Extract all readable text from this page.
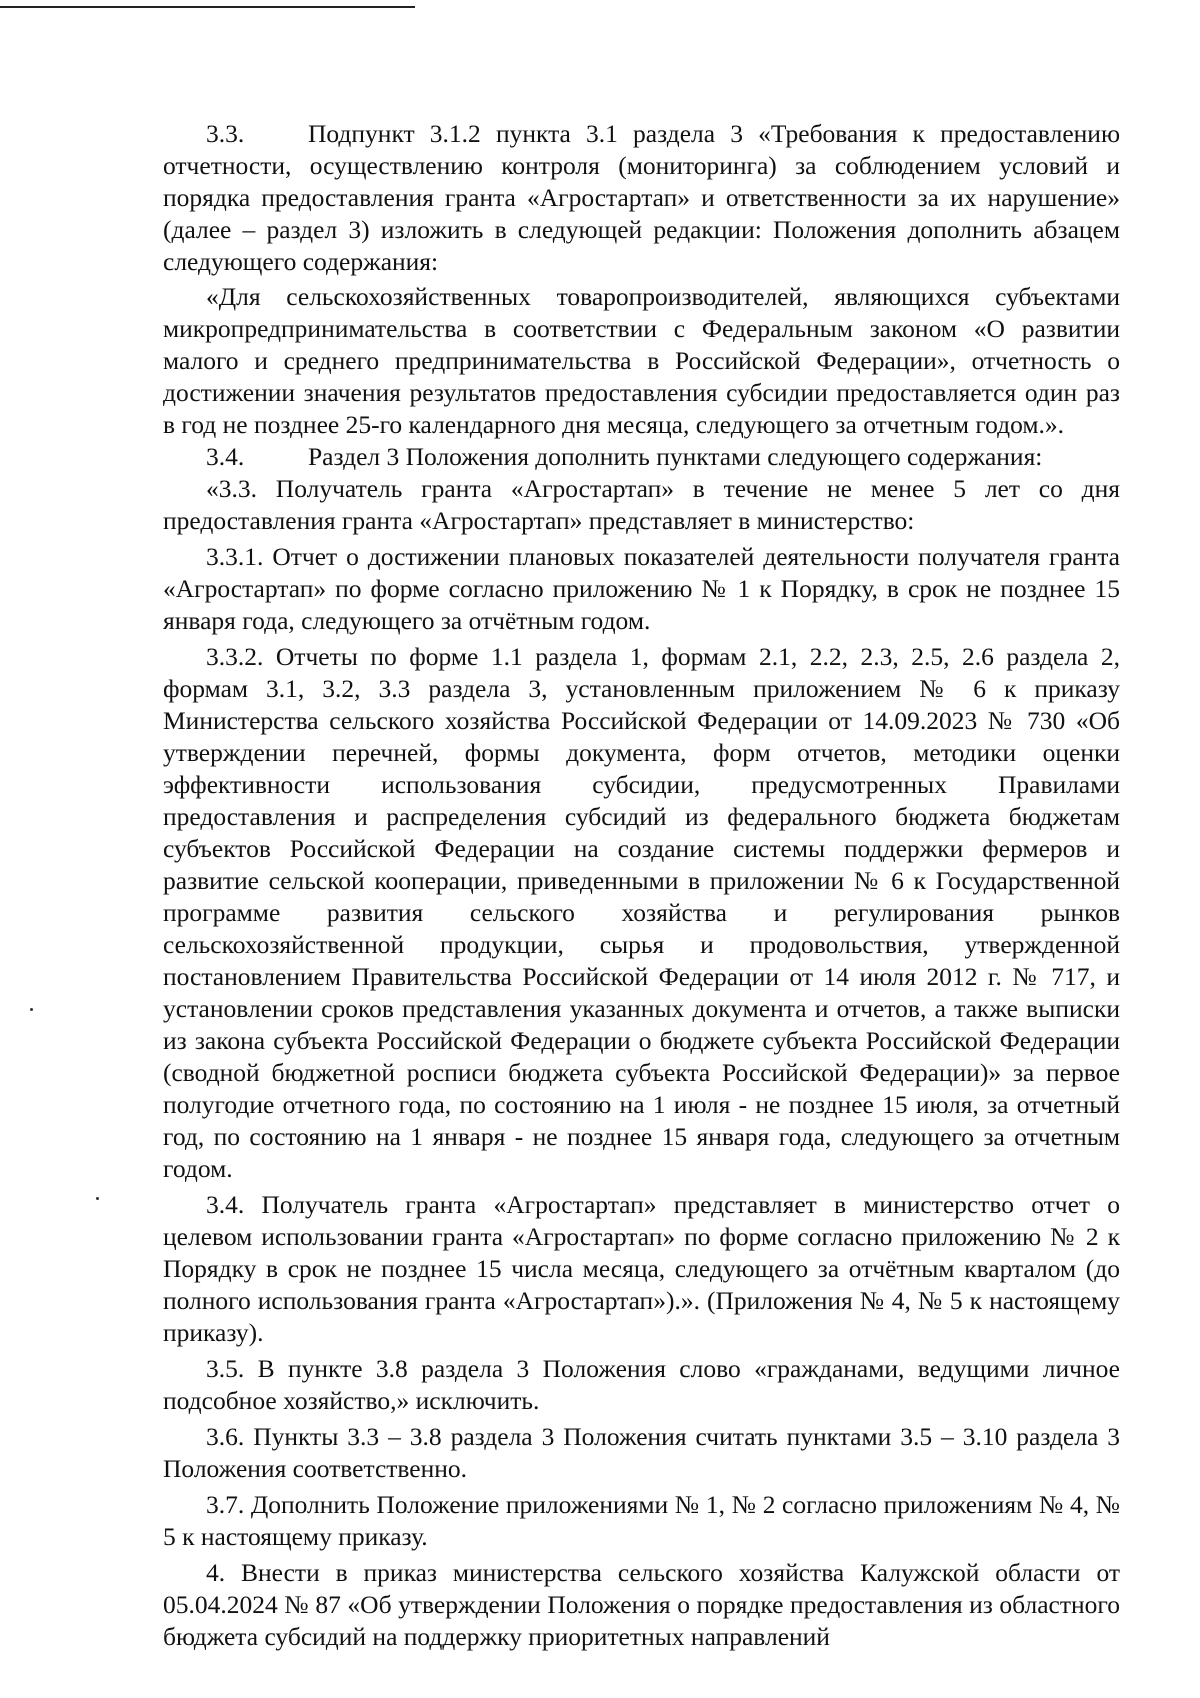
3.3.	Подпункт 3.1.2 пункта 3.1 раздела 3 «Требования к предоставлению отчетности, осуществлению контроля (мониторинга) за соблюдением условий и порядка предоставления гранта «Агростартап» и ответственности за их нарушение» (далее – раздел 3) изложить в следующей редакции: Положения дополнить абзацем следующего содержания:

«Для сельскохозяйственных товаропроизводителей, являющихся субъектами микропредпринимательства в соответствии с Федеральным законом «О развитии малого и среднего предпринимательства в Российской Федерации», отчетность о достижении значения результатов предоставления субсидии предоставляется один раз в год не позднее 25-го календарного дня месяца, следующего за отчетным годом.».

3.4.	Раздел 3 Положения дополнить пунктами следующего содержания:

«3.3. Получатель гранта «Агростартап» в течение не менее 5 лет со дня предоставления гранта «Агростартап» представляет в министерство:

3.3.1. Отчет о достижении плановых показателей деятельности получателя гранта «Агростартап» по форме согласно приложению № 1 к Порядку, в срок не позднее 15 января года, следующего за отчётным годом.

3.3.2. Отчеты по форме 1.1 раздела 1, формам 2.1, 2.2, 2.3, 2.5, 2.6 раздела 2, формам 3.1, 3.2, 3.3 раздела 3, установленным приложением № 6 к приказу Министерства сельского хозяйства Российской Федерации от 14.09.2023 № 730 «Об утверждении перечней, формы документа, форм отчетов, методики оценки эффективности использования субсидии, предусмотренных Правилами предоставления и распределения субсидий из федерального бюджета бюджетам субъектов Российской Федерации на создание системы поддержки фермеров и развитие сельской кооперации, приведенными в приложении № 6 к Государственной программе развития сельского хозяйства и регулирования рынков сельскохозяйственной продукции, сырья и продовольствия, утвержденной постановлением Правительства Российской Федерации от 14 июля 2012 г. № 717, и установлении сроков представления указанных документа и отчетов, а также выписки из закона субъекта Российской Федерации о бюджете субъекта Российской Федерации (сводной бюджетной росписи бюджета субъекта Российской Федерации)» за первое полугодие отчетного года, по состоянию на 1 июля - не позднее 15 июля, за отчетный год, по состоянию на 1 января - не позднее 15 января года, следующего за отчетным годом.

3.4. Получатель гранта «Агростартап» представляет в министерство отчет о целевом использовании гранта «Агростартап» по форме согласно приложению № 2 к Порядку в срок не позднее 15 числа месяца, следующего за отчётным кварталом (до полного использования гранта «Агростартап»).». (Приложения № 4, № 5 к настоящему приказу).

3.5. В пункте 3.8 раздела 3 Положения слово «гражданами, ведущими личное подсобное хозяйство,» исключить.

3.6. Пункты 3.3 – 3.8 раздела 3 Положения считать пунктами 3.5 – 3.10 раздела 3 Положения соответственно.

3.7. Дополнить Положение приложениями № 1, № 2 согласно приложениям № 4, № 5 к настоящему приказу.

4. Внести в приказ министерства сельского хозяйства Калужской области от 05.04.2024 № 87 «Об утверждении Положения о порядке предоставления из областного бюджета субсидий на поддержку приоритетных направлений
